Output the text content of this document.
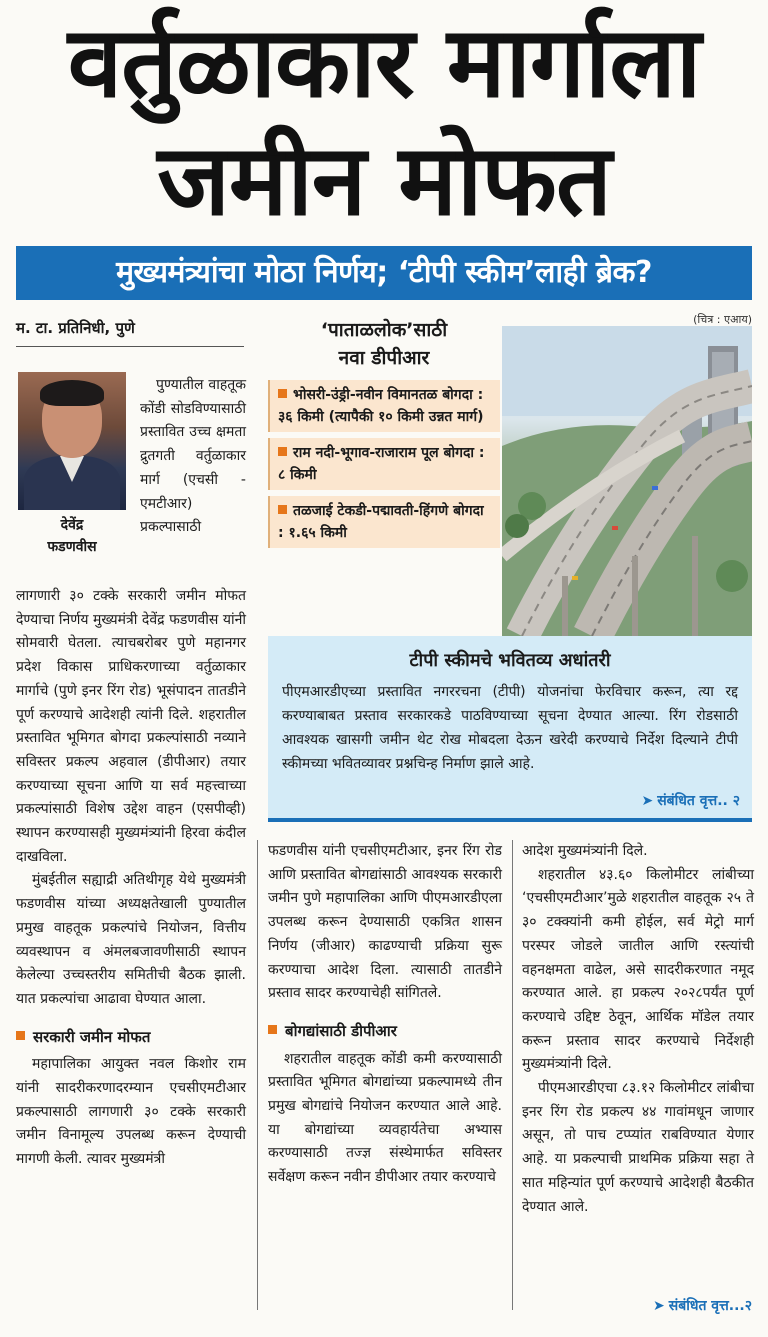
वर्तुळाकार मार्गाला
जमीन मोफत
मुख्यमंत्र्यांचा मोठा निर्णय; ‘टीपी स्कीम’लाही ब्रेक?
म. टा. प्रतिनिधी, पुणे	(चित्र : एआय)
देवेंद्र
फडणवीस

पुण्यातील वाहतूक कोंडी सोडविण्यासाठी प्रस्तावित उच्च क्षमता द्रुतगती वर्तुळाकार मार्ग (एचसी - एमटीआर) प्रकल्पासाठी

लागणारी ३० टक्के सरकारी जमीन मोफत देण्याचा निर्णय मुख्यमंत्री देवेंद्र फडणवीस यांनी सोमवारी घेतला. त्याचबरोबर पुणे महानगर प्रदेश विकास प्राधिकरणाच्या वर्तुळाकार मार्गाचे (पुणे इनर रिंग रोड) भूसंपादन तातडीने पूर्ण करण्याचे आदेशही त्यांनी दिले. शहरातील प्रस्तावित भूमिगत बोगदा प्रकल्पांसाठी नव्याने सविस्तर प्रकल्प अहवाल (डीपीआर) तयार करण्याच्या सूचना आणि या सर्व महत्त्वाच्या प्रकल्पांसाठी विशेष उद्देश वाहन (एसपीव्ही) स्थापन करण्यासही मुख्यमंत्र्यांनी हिरवा कंदील दाखविला.

मुंबईतील सह्याद्री अतिथीगृह येथे मुख्यमंत्री फडणवीस यांच्या अध्यक्षतेखाली पुण्यातील प्रमुख वाहतूक प्रकल्पांचे नियोजन, वित्तीय व्यवस्थापन व अंमलबजावणीसाठी स्थापन केलेल्या उच्चस्तरीय समितीची बैठक झाली. यात प्रकल्पांचा आढावा घेण्यात आला.

सरकारी जमीन मोफत

महापालिका आयुक्त नवल किशोर राम यांनी सादरीकरणादरम्यान एचसीएमटीआर प्रकल्पासाठी लागणारी ३० टक्के सरकारी जमीन विनामूल्य उपलब्ध करून देण्याची मागणी केली. त्यावर मुख्यमंत्री

‘पाताळलोक’साठी
नवा डीपीआर
भोसरी-उंड्री-नवीन विमानतळ बोगदा : ३६ किमी (त्यापैकी १० किमी उन्नत मार्ग)
राम नदी-भूगाव-राजाराम पूल बोगदा : ८ किमी
तळजाई टेकडी-पद्मावती-हिंगणे बोगदा : १.६५ किमी
टीपी स्कीमचे भवितव्य अधांतरी
पीएमआरडीएच्या प्रस्तावित नगररचना (टीपी) योजनांचा फेरविचार करून, त्या रद्द करण्याबाबत प्रस्ताव सरकारकडे पाठविण्याच्या सूचना देण्यात आल्या. रिंग रोडसाठी आवश्यक खासगी जमीन थेट रोख मोबदला देऊन खरेदी करण्याचे निर्देश दिल्याने टीपी स्कीमच्या भवितव्यावर प्रश्नचिन्ह निर्माण झाले आहे.
➤ संबंधित वृत्त.. २

फडणवीस यांनी एचसीएमटीआर, इनर रिंग रोड आणि प्रस्तावित बोगद्यांसाठी आवश्यक सरकारी जमीन पुणे महापालिका आणि पीएमआरडीएला उपलब्ध करून देण्यासाठी एकत्रित शासन निर्णय (जीआर) काढण्याची प्रक्रिया सुरू करण्याचा आदेश दिला. त्यासाठी तातडीने प्रस्ताव सादर करण्याचेही सांगितले.

बोगद्यांसाठी डीपीआर

शहरातील वाहतूक कोंडी कमी करण्यासाठी प्रस्तावित भूमिगत बोगद्यांच्या प्रकल्पामध्ये तीन प्रमुख बोगद्यांचे नियोजन करण्यात आले आहे. या बोगद्यांच्या व्यवहार्यतेचा अभ्यास करण्यासाठी तज्ज्ञ संस्थेमार्फत सविस्तर सर्वेक्षण करून नवीन डीपीआर तयार करण्याचे

आदेश मुख्यमंत्र्यांनी दिले.

शहरातील ४३.६० किलोमीटर लांबीच्या ‘एचसीएमटीआर’मुळे शहरातील वाहतूक २५ ते ३० टक्क्यांनी कमी होईल, सर्व मेट्रो मार्ग परस्पर जोडले जातील आणि रस्त्यांची वहनक्षमता वाढेल, असे सादरीकरणात नमूद करण्यात आले. हा प्रकल्प २०२८पर्यंत पूर्ण करण्याचे उद्दिष्ट ठेवून, आर्थिक मॉडेल तयार करून प्रस्ताव सादर करण्याचे निर्देशही मुख्यमंत्र्यांनी दिले.

पीएमआरडीएचा ८३.१२ किलोमीटर लांबीचा इनर रिंग रोड प्रकल्प ४४ गावांमधून जाणार असून, तो पाच टप्प्यांत राबविण्यात येणार आहे. या प्रकल्पाची प्राथमिक प्रक्रिया सहा ते सात महिन्यांत पूर्ण करण्याचे आदेशही बैठकीत देण्यात आले.

➤ संबंधित वृत्त...२
